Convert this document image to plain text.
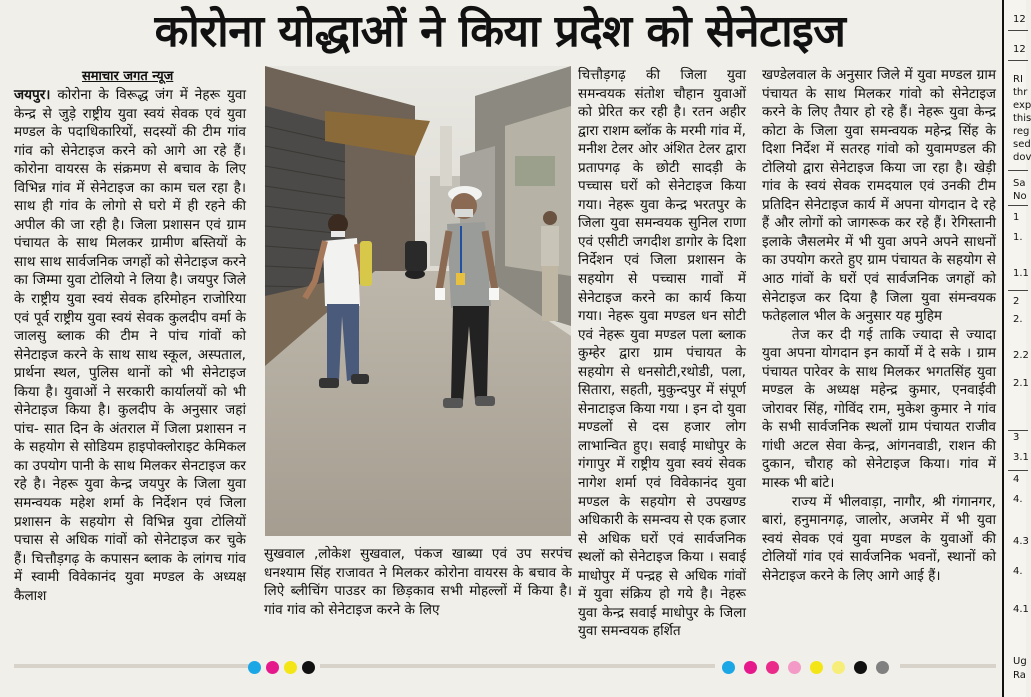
कोरोना योद्धाओं ने किया प्रदेश को सेनेटाइज
समाचार जगत न्यूज

जयपुर। कोरोना के विरूद्ध जंग में नेहरू युवा केन्द्र से जुड़े राष्ट्रीय युवा स्वयं सेवक एवं युवा मण्डल के पदाधिकारियों, सदस्यों की टीम गांव गांव को सेनेटाइज करने को आगे आ रहे हैं। कोरोना वायरस के संक्रमण से बचाव के लिए विभिन्न गांव में सेनेटाइज का काम चल रहा है। साथ ही गांव के लोगो से घरो में ही रहने की अपील की जा रही है। जिला प्रशासन एवं ग्राम पंचायत के साथ मिलकर ग्रामीण बस्तियों के साथ साथ सार्वजनिक जगहों को सेनेटाइज करने का जिम्मा युवा टोलियो ने लिया है। जयपुर जिले के राष्ट्रीय युवा स्वयं सेवक हरिमोहन राजोरिया एवं पूर्व राष्ट्रीय युवा स्वयं सेवक कुलदीप वर्मा के जालसु ब्लाक की टीम ने पांच गांवों को सेनेटाइज करने के साथ साथ स्कूल, अस्पताल, प्रार्थना स्थल, पुलिस थानों को भी सेनेटाइज किया है। युवाओं ने सरकारी कार्यालयों को भी सेनेटाइज किया है। कुलदीप के अनुसार जहां पांच- सात दिन के अंतराल में जिला प्रशासन न के सहयोग से सोडियम हाइपोक्लोराइट केमिकल का उपयोग पानी के साथ मिलकर सेनटाइज कर रहे है। नेहरू युवा केन्द्र जयपुर के जिला युवा समन्वयक महेश शर्मा के निर्देशन एवं जिला प्रशासन के सहयोग से विभिन्न युवा टोलियों पचास से अधिक गांवों को सेनेटाइज कर चुके हैं। चित्तौड़गढ़ के कपासन ब्लाक के लांगच गांव में स्वामी विवेकानंद युवा मण्डल के अध्यक्ष कैलाश

सुखवाल ,लोकेश सुखवाल, पंकज खाब्या एवं उप सरपंच धनश्याम सिंह राजावत ने मिलकर कोरोना वायरस के बचाव के लिऐ ब्लीचिंग पाउडर का छिड़काव सभी मोहल्लों में किया है। गांव गांव को सेनेटाइज करने के लिए

चित्तौड़गढ़ की जिला युवा समन्वयक संतोश चौहान युवाओं को प्रेरित कर रही है। रतन अहीर द्वारा राशम ब्लॉक के मरमी गांव में, मनीश टेलर ओर अंशित टेलर द्वारा प्रतापगढ़ के छोटी सादड़ी के पच्चास घरों को सेनेटाइज किया गया। नेहरू युवा केन्द्र भरतपुर के जिला युवा समन्वयक सुनिल राणा एवं एसीटी जगदीश डागोर के दिशा निर्देशन एवं जिला प्रशासन के सहयोग से पच्चास गावों में सेनेटाइज करने का कार्य किया गया। नेहरू युवा मण्डल धन सोटी एवं नेहरू युवा मण्डल पला ब्लाक कुम्हेर द्वारा ग्राम पंचायत के सहयोग से धनसोटी,रथोडी, पला, सितारा, सहती, मुकुन्दपुर में संपूर्ण सेनाटाइज किया गया । इन दो युवा मण्डलों से दस हजार लोग लाभान्वित हुए। सवाई माधोपुर के गंगापुर में राष्ट्रीय युवा स्वयं सेवक नागेश शर्मा एवं विवेकानंद युवा मण्डल के सहयोग से उपखण्ड अधिकारी के समन्वय से एक हजार से अधिक घरों एवं सार्वजनिक स्थलों को सेनेटाइज किया । सवाई माधोपुर में पन्द्रह से अधिक गांवों में युवा संक्रिय हो गये है। नेहरू युवा केन्द्र सवाई माधोपुर के जिला युवा समन्वयक हर्शित

खण्डेलवाल के अनुसार जिले में युवा मण्डल ग्राम पंचायत के साथ मिलकर गांवो को सेनेटाइज करने के लिए तैयार हो रहे हैं। नेहरू युवा केन्द्र कोटा के जिला युवा समन्वयक महेन्द्र सिंह के दिशा निर्देश में सतरह गांवो को युवामण्डल की टोलियो द्वारा सेनेटाइज किया जा रहा है। खेड़ी गांव के स्वयं सेवक रामदयाल एवं उनकी टीम प्रतिदिन सेनेटाइज कार्य में अपना योगदान दे रहे हैं और लोगों को जागरूक कर रहे हैं। रेगिस्तानी इलाके जैसलमेर में भी युवा अपने अपने साधनों का उपयोग करते हुए ग्राम पंचायत के सहयोग से आठ गांवों के घरों एवं सार्वजनिक जगहों को सेनेटाइज कर दिया है जिला युवा संमन्वयक फतेहलाल भील के अनुसार यह मुहिम

तेज कर दी गई ताकि ज्यादा से ज्यादा युवा अपना योगदान इन कार्यो में दे सके । ग्राम पंचायत पारेवर के साथ मिलकर भगतसिंह युवा मण्डल के अध्यक्ष महेन्द्र कुमार, एनवाईवी जोरावर सिंह, गोविंद राम, मुकेश कुमार ने गांव के सभी सार्वजनिक स्थलों ग्राम पंचायत राजीव गांधी अटल सेवा केन्द्र, आंगनवाडी, राशन की दुकान, चौराह को सेनेटाइज किया। गांव में मास्क भी बांटे।

राज्य में भीलवाड़ा, नागौर, श्री गंगानगर, बारां, हनुमानगढ़, जालोर, अजमेर में भी युवा स्वयं सेवक एवं युवा मण्डल के युवाओं की टोलियों गांव एवं सार्वजनिक भवनों, स्थानों को सेनेटाइज करने के लिए आगे आई हैं।

12
12
RI
thr
exp
this
reg
sed
dov
Sa
No
1
1.
1.1
2
2.
2.2
2.1
3
3.1
4
4.
4.3
4.
4.1
Ug
Ra
